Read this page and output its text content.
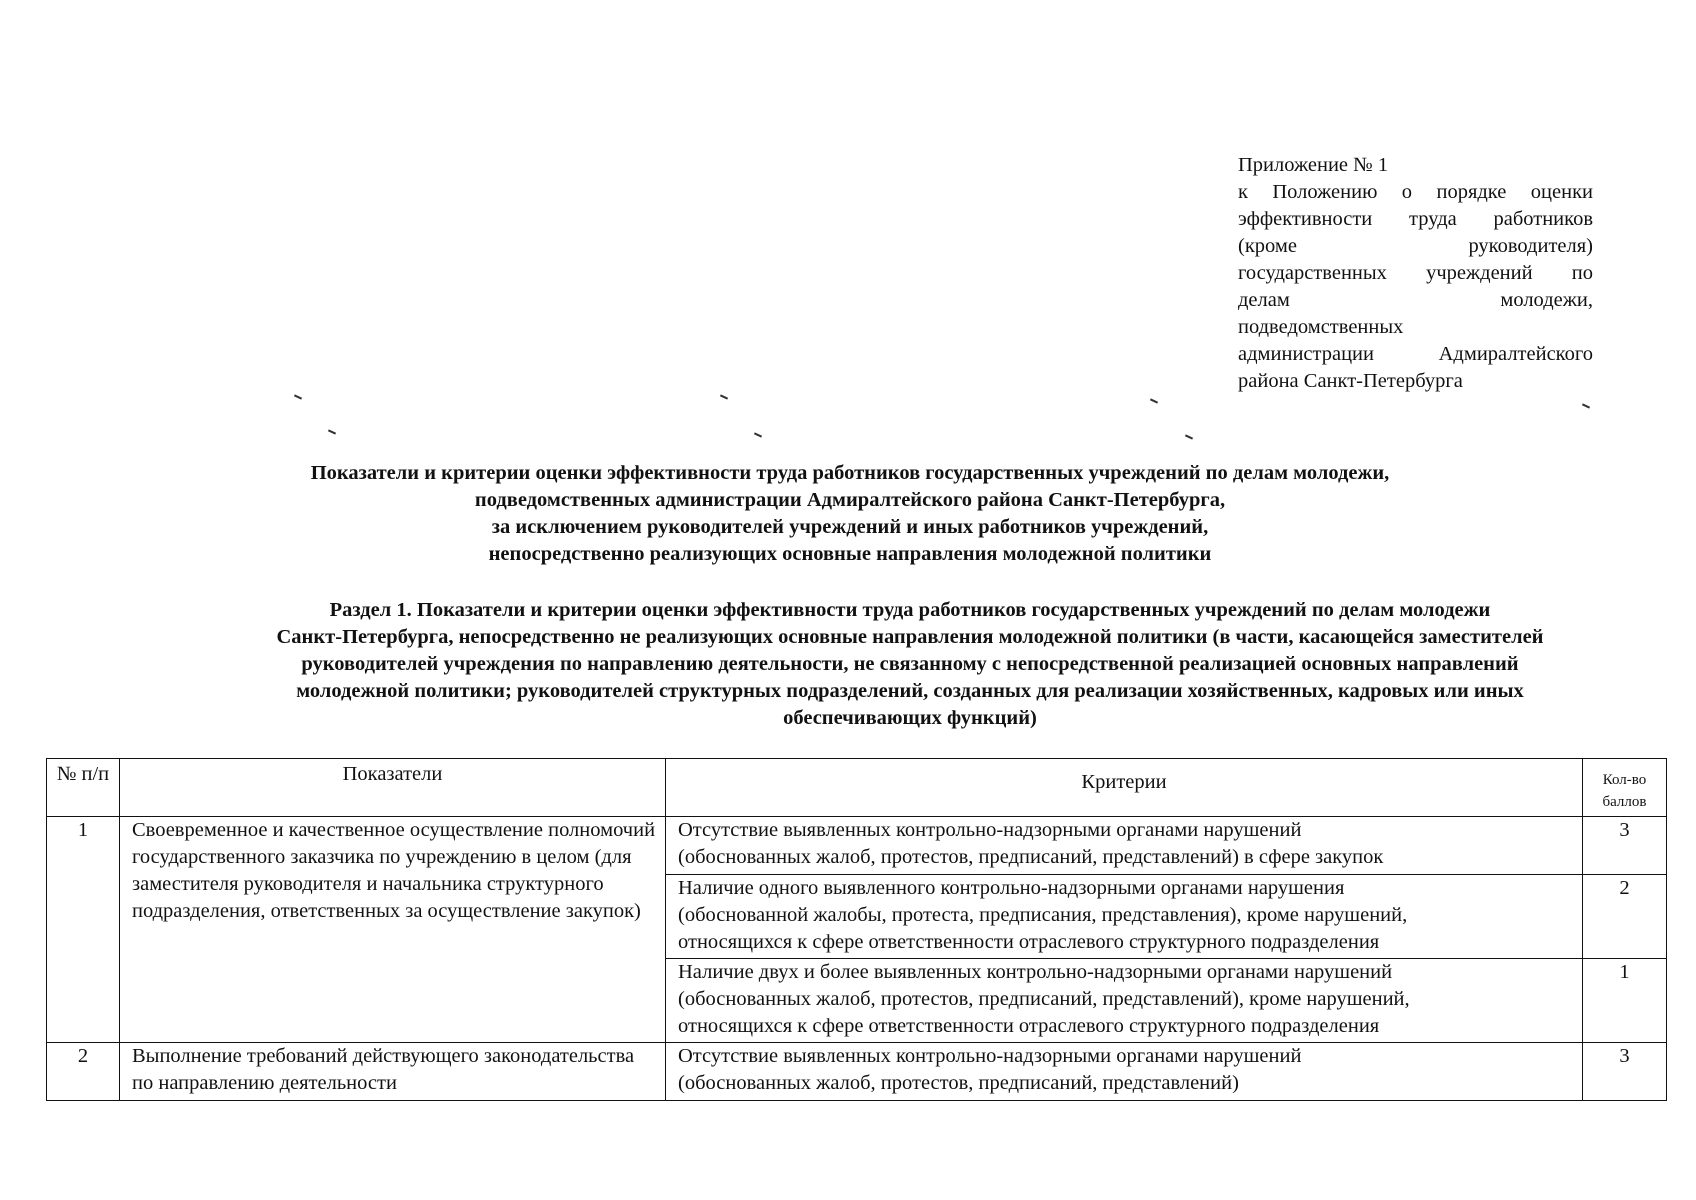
Приложение № 1
к Положению о порядке оценки
эффективности труда работников
(кроме руководителя)
государственных учреждений по
делам молодежи,
подведомственных
администрации Адмиралтейского
района Санкт-Петербурга
Показатели и критерии оценки эффективности труда работников государственных учреждений по делам молодежи,
подведомственных администрации Адмиралтейского района Санкт-Петербурга,
за исключением руководителей учреждений и иных работников учреждений,
непосредственно реализующих основные направления молодежной политики
Раздел 1. Показатели и критерии оценки эффективности труда работников государственных учреждений по делам молодежи
Санкт-Петербурга, непосредственно не реализующих основные направления молодежной политики (в части, касающейся заместителей
руководителей учреждения по направлению деятельности, не связанному с непосредственной реализацией основных направлений
молодежной политики; руководителей структурных подразделений, созданных для реализации хозяйственных, кадровых или иных
обеспечивающих функций)
№ п/п	Показатели	Критерии	Кол-во баллов
1	Своевременное и качественное осуществление полномочий государственного заказчика по учреждению в целом (для заместителя руководителя и начальника структурного подразделения, ответственных за осуществление закупок)	Отсутствие выявленных контрольно-надзорными органами нарушений
(обоснованных жалоб, протестов, предписаний, представлений) в сфере закупок	3

		Наличие одного выявленного контрольно-надзорными органами нарушения
(обоснованной жалобы, протеста, предписания, представления), кроме нарушений,
относящихся к сфере ответственности отраслевого структурного подразделения	2

		Наличие двух и более выявленных контрольно-надзорными органами нарушений
(обоснованных жалоб, протестов, предписаний, представлений), кроме нарушений,
относящихся к сфере ответственности отраслевого структурного подразделения	1
2	Выполнение требований действующего законодательства по направлению деятельности	Отсутствие выявленных контрольно-надзорными органами нарушений
(обоснованных жалоб, протестов, предписаний, представлений)	3
